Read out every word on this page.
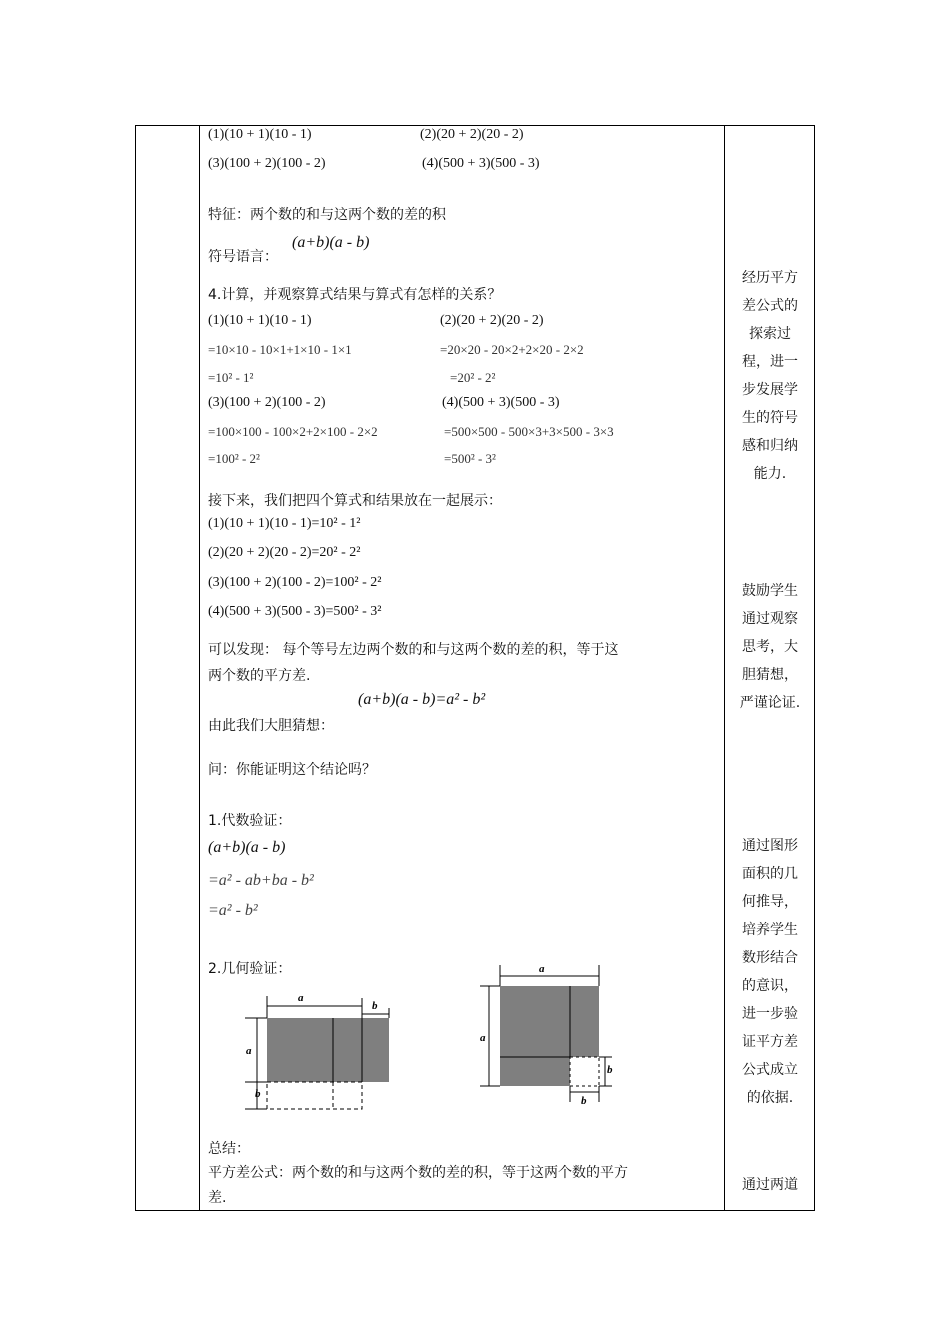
(1)(10 + 1)(10 - 1)	(2)(20 + 2)(20 - 2)
(3)(100 + 2)(100 - 2)	(4)(500 + 3)(500 - 3)
特征：两个数的和与这两个数的差的积
符号语言：
(a+b)(a - b)
4.计算，并观察算式结果与算式有怎样的关系？
(1)(10 + 1)(10 - 1)	(2)(20 + 2)(20 - 2)
=10×10 - 10×1+1×10 - 1×1	=20×20 - 20×2+2×20 - 2×2
=10² - 1²	=20² - 2²
(3)(100 + 2)(100 - 2)	(4)(500 + 3)(500 - 3)
=100×100 - 100×2+2×100 - 2×2	=500×500 - 500×3+3×500 - 3×3
=100² - 2²	=500² - 3²
接下来，我们把四个算式和结果放在一起展示：
(1)(10 + 1)(10 - 1)=10² - 1²
(2)(20 + 2)(20 - 2)=20² - 2²
(3)(100 + 2)(100 - 2)=100² - 2²
(4)(500 + 3)(500 - 3)=500² - 3²
可以发现： 每个等号左边两个数的和与这两个数的差的积，等于这
两个数的平方差.
(a+b)(a - b)=a² - b²
由此我们大胆猜想：
问：你能证明这个结论吗？
1.代数验证：
(a+b)(a - b)
=a² - ab+ba - b²
=a² - b²
2.几何验证：
a
b
a
b
a
a
b
b
总结：
平方差公式：两个数的和与这两个数的差的积，等于这两个数的平方
差.
经历平方
差公式的
探索过
程，进一
步发展学
生的符号
感和归纳
能力.
鼓励学生
通过观察
思考，大
胆猜想，
严谨论证.
通过图形
面积的几
何推导，
培养学生
数形结合
的意识，
进一步验
证平方差
公式成立
的依据.
通过两道
